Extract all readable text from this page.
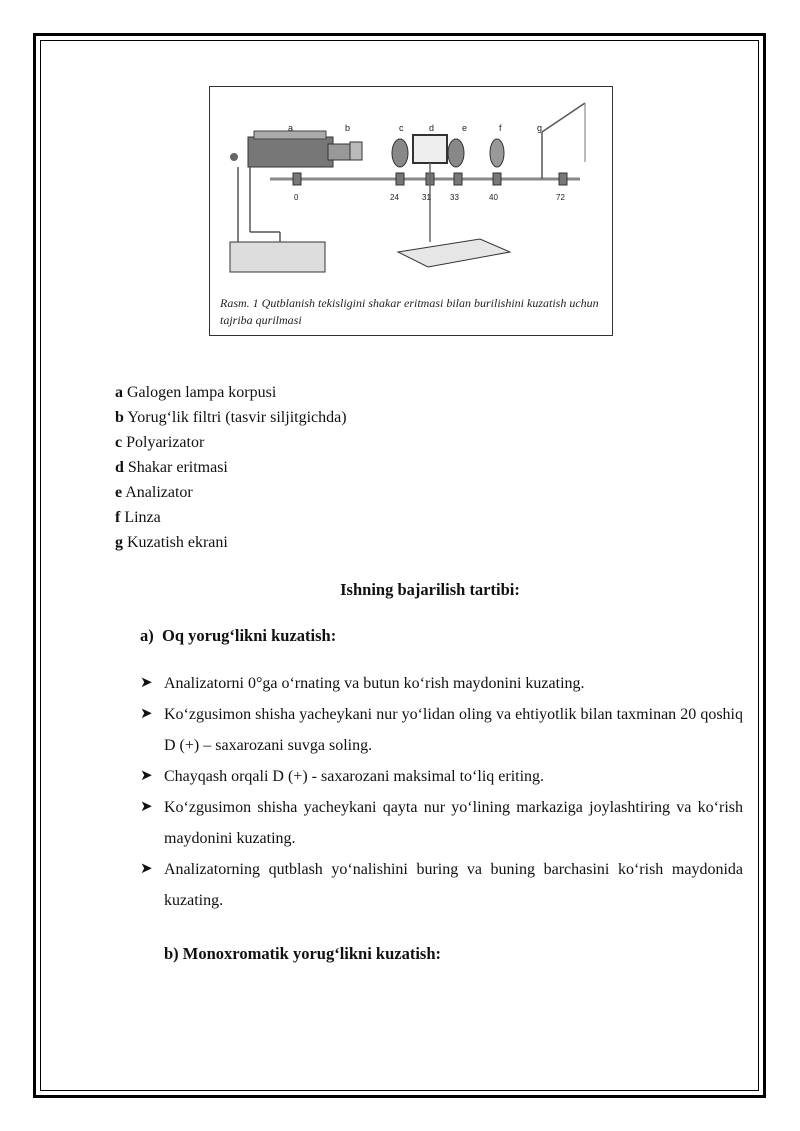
a	b	c	d	e	f	g
0	24	31 33	40	72
Rasm. 1 Qutblanish tekisligini shakar eritmasi bilan burilishini kuzatish uchun tajriba qurilmasi
a Galogen lampa korpusi
b Yorug‘lik filtri (tasvir siljitgichda)
c Polyarizator
d Shakar eritmasi
e Analizator
f Linza
g Kuzatish ekrani
Ishning bajarilish tartibi:
a) Oq yorug‘likni kuzatish:
➤ Analizatorni 0°ga o‘rnating va butun ko‘rish maydonini kuzating.
➤ Ko‘zgusimon shisha yacheykani nur yo‘lidan oling va ehtiyotlik bilan taxminan 20 qoshiq D (+) – saxarozani suvga soling.
➤ Chayqash orqali D (+) - saxarozani maksimal to‘liq eriting.
➤ Ko‘zgusimon shisha yacheykani qayta nur yo‘lining markaziga joylashtiring va ko‘rish maydonini kuzating.
➤ Analizatorning qutblash yo‘nalishini buring va buning barchasini ko‘rish maydonida kuzating.
b) Monoxromatik yorug‘likni kuzatish:
